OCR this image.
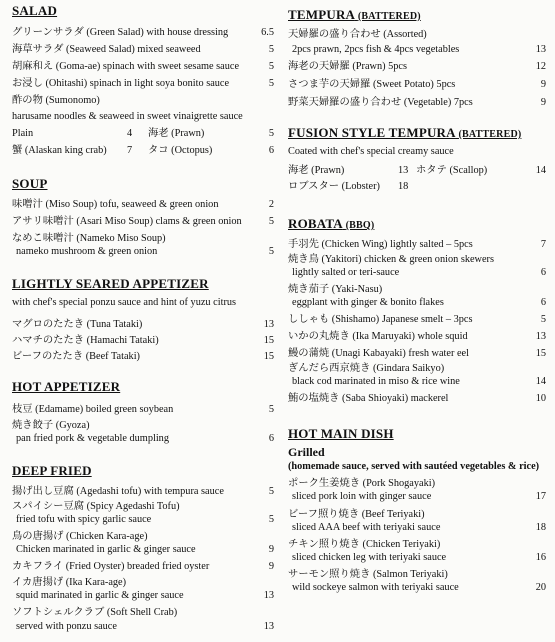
SALAD
グリーンサラダ (Green Salad) with house dressing	6.5
海草サラダ (Seaweed Salad) mixed seaweed	5
胡麻和え (Goma-ae) spinach with sweet sesame sauce	5
お浸し (Ohitashi) spinach in light soya bonito sauce	5
酢の物 (Sumonomo)
harusame noodles & seaweed in sweet vinaigrette sauce
Plain	4 海老 (Prawn)	5
蟹 (Alaskan king crab) 7 タコ (Octopus)	6
SOUP
味噌汁 (Miso Soup) tofu, seaweed & green onion	2
アサリ味噌汁 (Asari Miso Soup) clams & green onion	5
なめこ味噌汁 (Nameko Miso Soup)
nameko mushroom & green onion	5
LIGHTLY SEARED APPETIZER
with chef's special ponzu sauce and hint of yuzu citrus
マグロのたたき (Tuna Tataki)	13
ハマチのたたき (Hamachi Tataki)	15
ビーフのたたき (Beef Tataki)	15
HOT APPETIZER
枝豆 (Edamame) boiled green soybean	5
焼き餃子 (Gyoza)
pan fried pork & vegetable dumpling	6
DEEP FRIED
揚げ出し豆腐 (Agedashi tofu) with tempura sauce	5
スパイシー豆腐 (Spicy Agedashi Tofu)
fried tofu with spicy garlic sauce	5
鳥の唐揚げ (Chicken Kara-age)
Chicken marinated in garlic & ginger sauce	9
カキフライ (Fried Oyster) breaded fried oyster	9
イカ唐揚げ (Ika Kara-age)
squid marinated in garlic & ginger sauce	13
ソフトシェルクラブ (Soft Shell Crab)
served with ponzu sauce	13
TEMPURA (BATTERED)
天婦羅の盛り合わせ (Assorted)
2pcs prawn, 2pcs fish & 4pcs vegetables	13
海老の天婦羅 (Prawn) 5pcs	12
さつま芋の天婦羅 (Sweet Potato) 5pcs	9
野菜天婦羅の盛り合わせ (Vegetable) 7pcs	9
FUSION STYLE TEMPURA (BATTERED)
Coated with chef's special creamy sauce
海老 (Prawn)	13 ホタテ (Scallop)	14
ロブスター (Lobster) 18
ROBATA (BBQ)
手羽先 (Chicken Wing) lightly salted – 5pcs	7
焼き鳥 (Yakitori) chicken & green onion skewers
lightly salted or teri-sauce	6
焼き茄子 (Yaki-Nasu)
eggplant with ginger & bonito flakes	6
ししゃも (Shishamo) Japanese smelt – 3pcs	5
いかの丸焼き (Ika Maruyaki) whole squid	13
鰻の蒲焼 (Unagi Kabayaki) fresh water eel	15
ぎんだら西京焼き (Gindara Saikyo)
black cod marinated in miso & rice wine	14
鮪の塩焼き (Saba Shioyaki) mackerel	10
HOT MAIN DISH
Grilled
(homemade sauce, served with sautéed vegetables & rice)
ポーク生姜焼き (Pork Shogayaki)
sliced pork loin with ginger sauce	17
ビーフ照り焼き (Beef Teriyaki)
sliced AAA beef with teriyaki sauce	18
チキン照り焼き (Chicken Teriyaki)
sliced chicken leg with teriyaki sauce	16
サーモン照り焼き (Salmon Teriyaki)
wild sockeye salmon with teriyaki sauce	20
